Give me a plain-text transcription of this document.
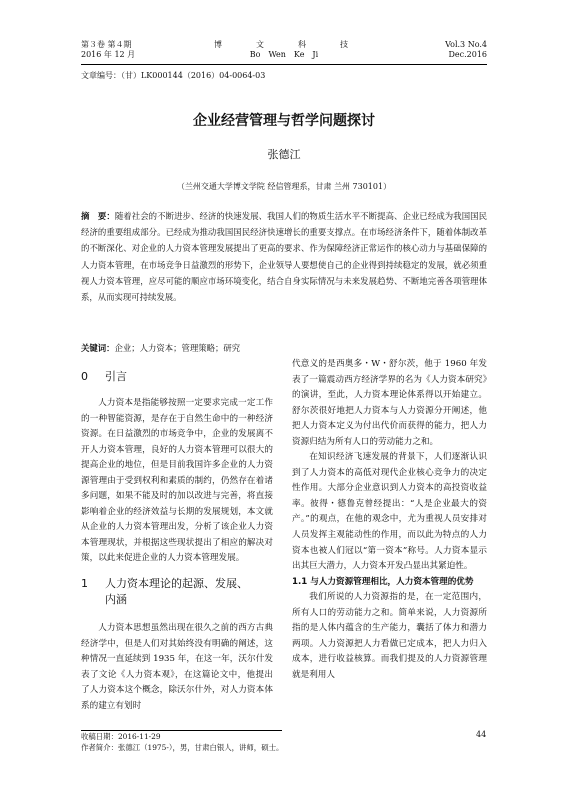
第３卷 第４期
2016 年 12 月
博　　文　　科　　技
Bo　Wen　Ke　Ji
Vol.3 No.4
Dec.2016
文章编号：（甘）LK000144（2016）04-0064-03
企业经营管理与哲学问题探讨
张德江
（兰州交通大学博文学院 经信管理系，甘肃 兰州 730101）
摘　要：随着社会的不断进步、经济的快速发展、我国人们的物质生活水平不断提高、企业已经成为我国国民经济的重要组成部分。已经成为推动我国国民经济快速增长的重要支撑点。在市场经济条件下，随着体制改革的不断深化、对企业的人力资本管理发展提出了更高的要求、作为保障经济正常运作的核心动力与基础保障的人力资本管理，在市场竞争日益激烈的形势下，企业领导人要想使自己的企业得到持续稳定的发展，就必须重视人力资本管理，应尽可能的顺应市场环境变化，结合自身实际情况与未来发展趋势、不断地完善各项管理体系，从而实现可持续发展。
关键词：企业；人力资本；管理策略；研究
0 引言

人力资本是指能够按照一定要求完成一定工作的一种智能资源，是存在于自然生命中的一种经济资源。在日益激烈的市场竞争中，企业的发展离不开人力资本管理，良好的人力资本管理可以很大的提高企业的地位，但是目前我国许多企业的人力资源管理由于受到权利和素质的制约，仍然存在着诸多问题，如果不能及时的加以改进与完善，将直接影响着企业的经济效益与长期的发展规划，本文就从企业的人力资本管理出发，分析了该企业人力资本管理现状，并根据这些现状提出了相应的解决对策，以此来促进企业的人力资本管理发展。

1 人力资本理论的起源、发展、
内涵

人力资本思想虽然出现在很久之前的西方古典经济学中，但是人们对其始终没有明确的阐述，这种情况一直延续到 1935 年，在这一年，沃尔什发表了文论《人力资本观》，在这篇论文中，他提出了人力资本这个概念，除沃尔什外，对人力资本体系的建立有划时

代意义的是西奥多・W・舒尔茨，他于 1960 年发表了一篇震动西方经济学界的名为《人力资本研究》的演讲，至此，人力资本理论体系得以开始建立。舒尔茨很好地把人力资本与人力资源分开阐述，他把人力资本定义为付出代价而获得的能力，把人力资源归结为所有人口的劳动能力之和。

在知识经济飞速发展的背景下，人们逐渐认识到了人力资本的高低对现代企业核心竞争力的决定性作用。大部分企业意识到人力资本的高投资收益率。彼得・德鲁克曾经提出：“人是企业最大的资产。”的观点，在他的观念中，尤为重视人员安排对人员发挥主观能动性的作用，而以此为特点的人力资本也被人们冠以“第一资本”称号。人力资本显示出其巨大潜力，人力资本开发凸显出其紧迫性。

1.1 与人力资源管理相比，人力资本管理的优势

我们所说的人力资源指的是，在一定范围内，所有人口的劳动能力之和。简单来说，人力资源所指的是人体内蕴含的生产能力，囊括了体力和潜力两项。人力资源把人力看做已定成本，把人力归入成本，进行收益核算。而我们提及的人力资源管理就是利用人

收稿日期：2016-11-29
作者简介：张德江（1975-），男，甘肃白银人，讲师，硕士。
44
